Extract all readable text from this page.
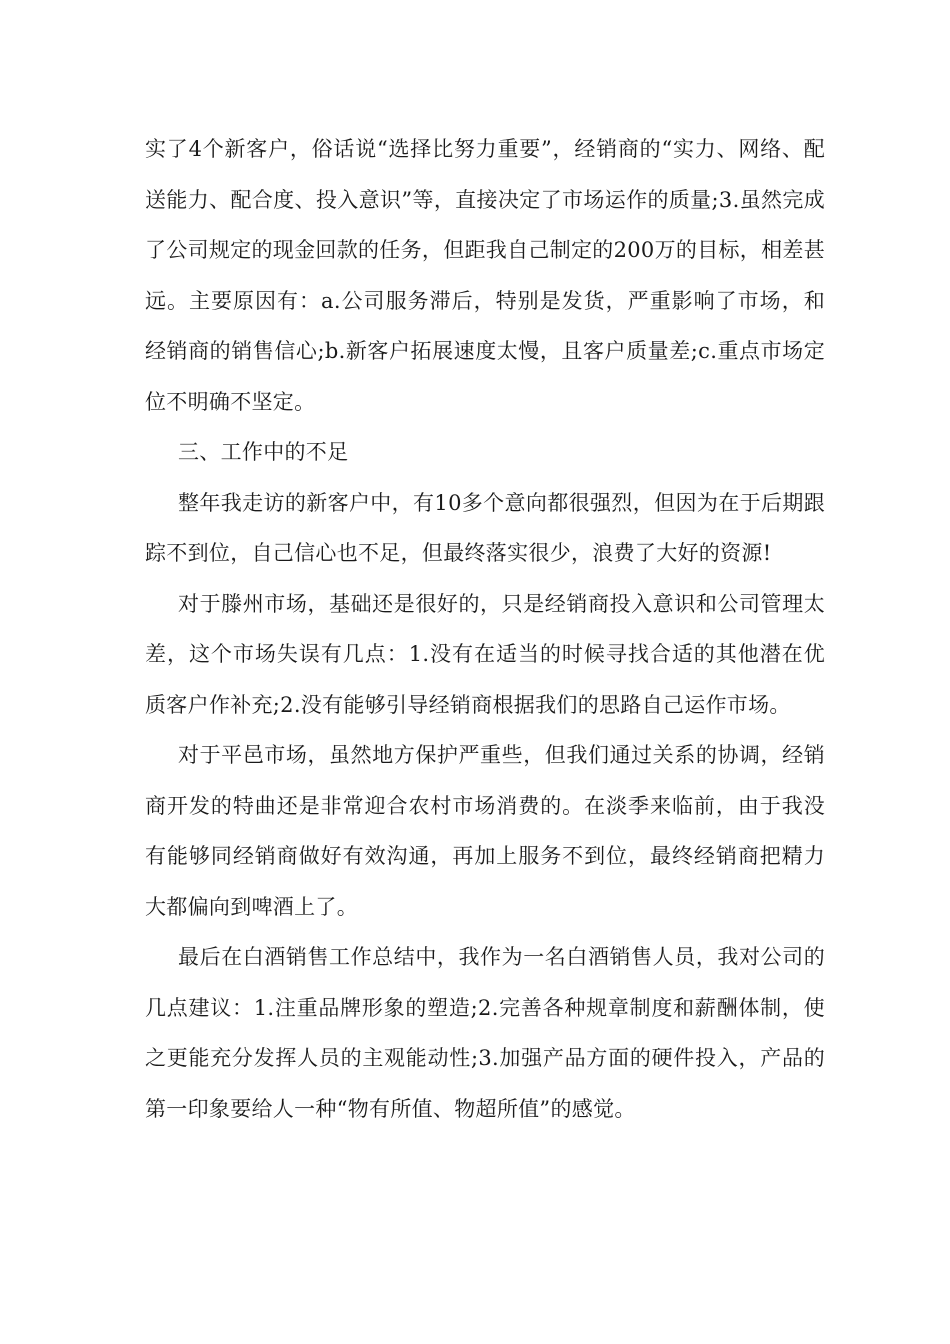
实了4个新客户，俗话说“选择比努力重要”，经销商的“实力、网络、配送能力、配合度、投入意识”等，直接决定了市场运作的质量;3.虽然完成了公司规定的现金回款的任务，但距我自己制定的200万的目标，相差甚远。主要原因有：a.公司服务滞后，特别是发货，严重影响了市场，和经销商的销售信心;b.新客户拓展速度太慢，且客户质量差;c.重点市场定位不明确不坚定。

三、工作中的不足

整年我走访的新客户中，有10多个意向都很强烈，但因为在于后期跟踪不到位，自己信心也不足，但最终落实很少，浪费了大好的资源!

对于滕州市场，基础还是很好的，只是经销商投入意识和公司管理太差，这个市场失误有几点：1.没有在适当的时候寻找合适的其他潜在优质客户作补充;2.没有能够引导经销商根据我们的思路自己运作市场。

对于平邑市场，虽然地方保护严重些，但我们通过关系的协调，经销商开发的特曲还是非常迎合农村市场消费的。在淡季来临前，由于我没有能够同经销商做好有效沟通，再加上服务不到位，最终经销商把精力大都偏向到啤酒上了。

最后在白酒销售工作总结中，我作为一名白酒销售人员，我对公司的几点建议：1.注重品牌形象的塑造;2.完善各种规章制度和薪酬体制，使之更能充分发挥人员的主观能动性;3.加强产品方面的硬件投入，产品的第一印象要给人一种“物有所值、物超所值”的感觉。
